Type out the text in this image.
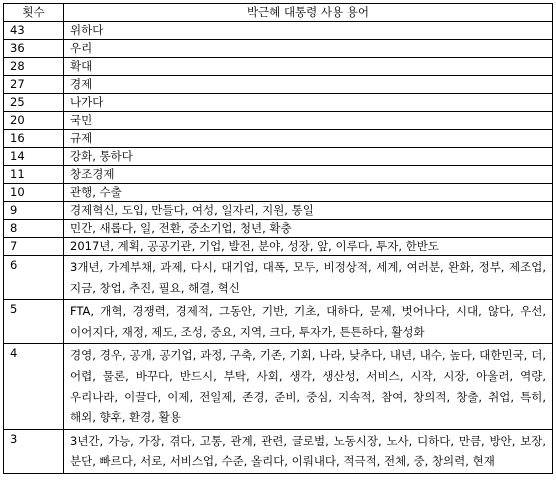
횟수	박근혜 대통령 사용 용어
43	위하다
36	우리
28	확대
27	경제
25	나가다
20	국민
16	규제
14	강화, 통하다
11	창조경제
10	관행, 수출
9	경제혁신, 도입, 만들다, 여성, 일자리, 지원, 통일
8	민간, 새롭다, 일, 전환, 중소기업, 청년, 확충
7	2017년, 계획, 공공기관, 기업, 발전, 분야, 성장, 앞, 이루다, 투자, 한반도
6	3개년, 가계부채, 과제, 다시, 대기업, 대폭, 모두, 비정상적, 세계, 여러분, 완화, 정부, 제조업, 지금, 창업, 추진, 필요, 해결, 혁신
5	FTA, 개혁, 경쟁력, 경제적, 그동안, 기반, 기초, 대하다, 문제, 벗어나다, 시대, 않다, 우선, 이어지다, 재정, 제도, 조성, 중요, 지역, 크다, 투자가, 튼튼하다, 활성화
4	경영, 경우, 공개, 공기업, 과정, 구축, 기존, 기회, 나라, 낮추다, 내년, 내수, 높다, 대한민국, 더, 어렵, 물론, 바꾸다, 반드시, 부탁, 사회, 생각, 생산성, 서비스, 시작, 시장, 아울러, 역량, 우리나라, 이끌다, 이제, 전일제, 존경, 준비, 중심, 지속적, 참여, 창의적, 창출, 취업, 특히, 해외, 향후, 환경, 활용
3	3년간, 가능, 가장, 겪다, 고통, 관계, 관련, 글로벌, 노동시장, 노사, 디하다, 만큼, 방안, 보장, 분단, 빠르다, 서로, 서비스업, 수준, 올리다, 이뤄내다, 적극적, 전체, 중, 창의력, 현재
